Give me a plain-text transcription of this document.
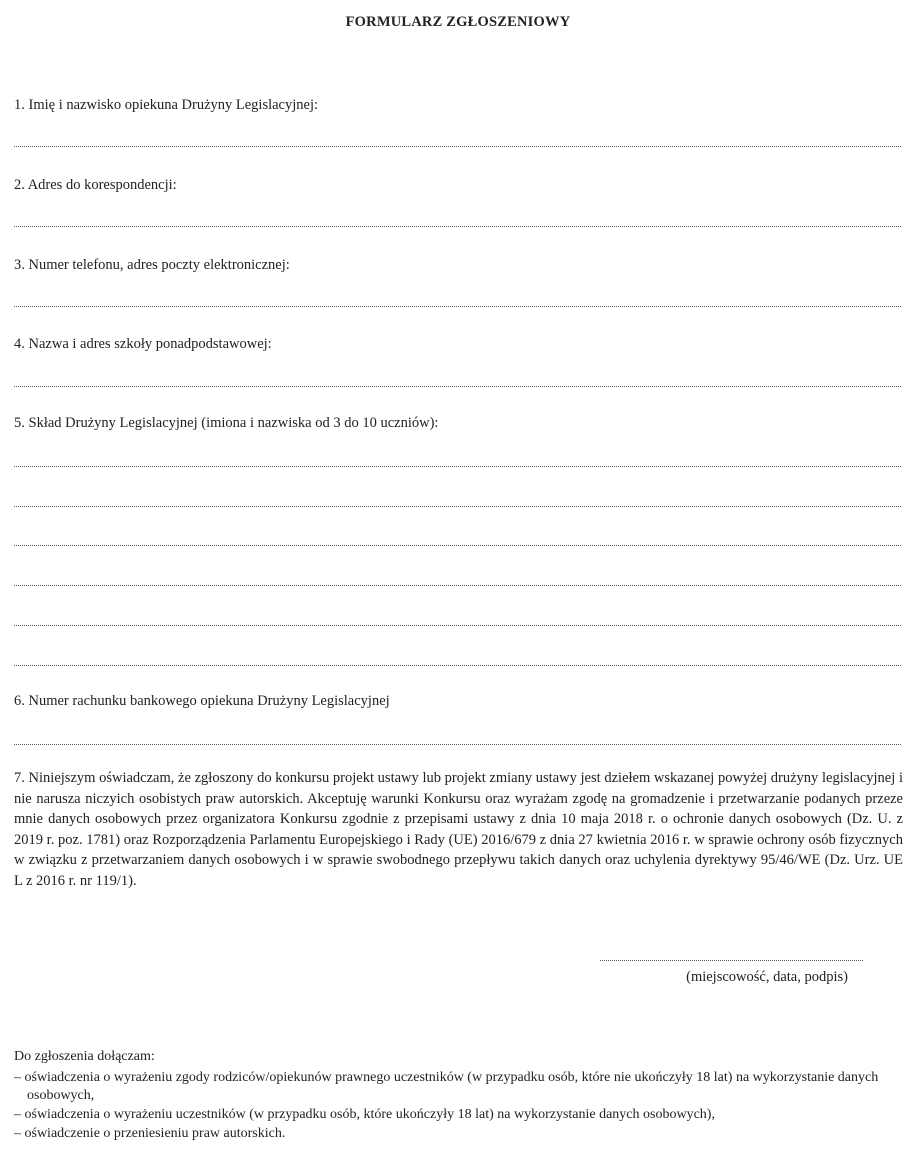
FORMULARZ ZGŁOSZENIOWY
1. Imię i nazwisko opiekuna Drużyny Legislacyjnej:
2. Adres do korespondencji:
3. Numer telefonu, adres poczty elektronicznej:
4. Nazwa i adres szkoły ponadpodstawowej:
5. Skład Drużyny Legislacyjnej (imiona i nazwiska od 3 do 10 uczniów):
6. Numer rachunku bankowego opiekuna Drużyny Legislacyjnej

7. Niniejszym oświadczam, że zgłoszony do konkursu projekt ustawy lub projekt zmiany ustawy jest dziełem wskazanej powyżej drużyny legislacyjnej i nie narusza niczyich osobistych praw autorskich. Akceptuję warunki Konkursu oraz wyrażam zgodę na gromadzenie i przetwarzanie podanych przeze mnie danych osobowych przez organizatora Konkursu zgodnie z przepisami ustawy z dnia 10 maja 2018 r. o ochronie danych osobowych (Dz. U. z 2019 r. poz. 1781) oraz Rozporządzenia Parlamentu Europejskiego i Rady (UE) 2016/679 z dnia 27 kwietnia 2016 r. w sprawie ochrony osób fizycznych w związku z przetwarzaniem danych osobowych i w sprawie swobodnego przepływu takich danych oraz uchylenia dyrektywy 95/46/WE (Dz. Urz. UE L z 2016 r. nr 119/1).

(miejscowość, data, podpis)
Do zgłoszenia dołączam:
– oświadczenia o wyrażeniu zgody rodziców/opiekunów prawnego uczestników (w przypadku osób, które nie ukończyły 18 lat) na wykorzystanie danych osobowych,
– oświadczenia o wyrażeniu uczestników (w przypadku osób, które ukończyły 18 lat) na wykorzystanie danych osobowych),
– oświadczenie o przeniesieniu praw autorskich.
